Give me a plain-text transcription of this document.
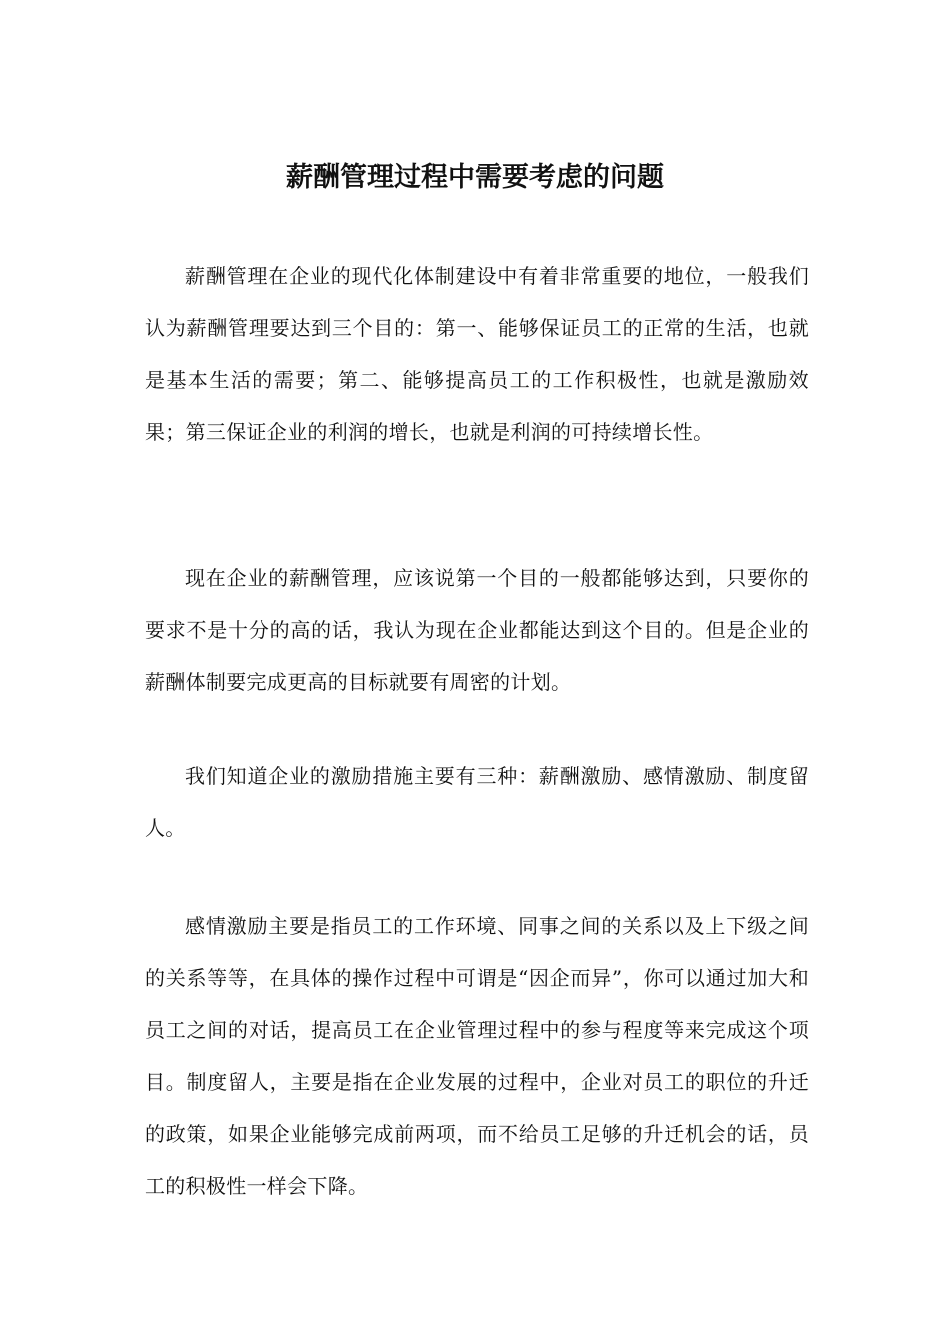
薪酬管理过程中需要考虑的问题

薪酬管理在企业的现代化体制建设中有着非常重要的地位，一般我们认为薪酬管理要达到三个目的：第一、能够保证员工的正常的生活，也就是基本生活的需要；第二、能够提高员工的工作积极性，也就是激励效果；第三保证企业的利润的增长，也就是利润的可持续增长性。

现在企业的薪酬管理，应该说第一个目的一般都能够达到，只要你的要求不是十分的高的话，我认为现在企业都能达到这个目的。但是企业的薪酬体制要完成更高的目标就要有周密的计划。

我们知道企业的激励措施主要有三种：薪酬激励、感情激励、制度留人。

感情激励主要是指员工的工作环境、同事之间的关系以及上下级之间的关系等等，在具体的操作过程中可谓是“因企而异”，你可以通过加大和员工之间的对话，提高员工在企业管理过程中的参与程度等来完成这个项目。制度留人，主要是指在企业发展的过程中，企业对员工的职位的升迁的政策，如果企业能够完成前两项，而不给员工足够的升迁机会的话，员工的积极性一样会下降。
